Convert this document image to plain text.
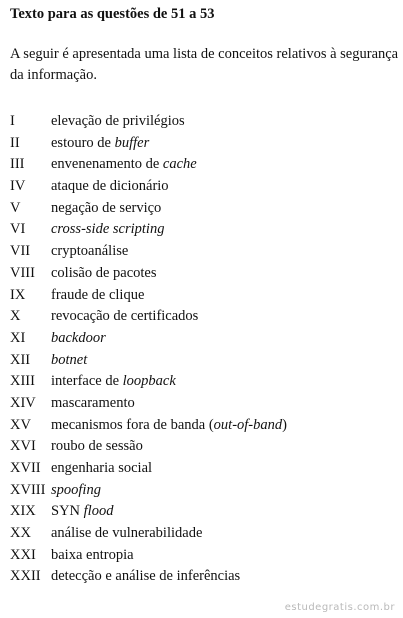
Texto para as questões de 51 a 53
A seguir é apresentada uma lista de conceitos relativos à segurança da informação.
I elevação de privilégios
II estouro de buffer
III envenenamento de cache
IV ataque de dicionário
V negação de serviço
VI cross-side scripting
VII cryptoanálise
VIII colisão de pacotes
IX fraude de clique
X revocação de certificados
XI backdoor
XII botnet
XIII interface de loopback
XIV mascaramento
XV mecanismos fora de banda (out-of-band)
XVI roubo de sessão
XVII engenharia social
XVIII spoofing
XIX SYN flood
XX análise de vulnerabilidade
XXI baixa entropia
XXII detecção e análise de inferências
estudegratis.com.br
